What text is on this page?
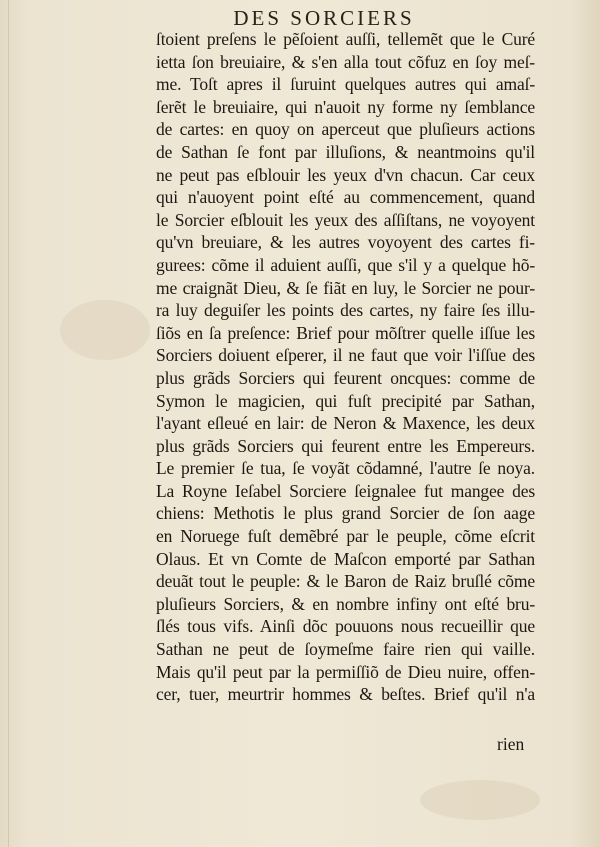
DES SORCIERS
ſtoient preſens le pẽſoient auſſi, tellemẽt que le Curé
ietta ſon breuiaire, & s'en alla tout cõfuz en ſoy meſ-
me. Toſt apres il ſuruint quelques autres qui amaſ-
ſerẽt le breuiaire, qui n'auoit ny forme ny ſemblance
de cartes: en quoy on aperceut que pluſieurs actions
de Sathan ſe font par illuſions, & neantmoins qu'il
ne peut pas eſblouir les yeux d'vn chacun. Car ceux
qui n'auoyent point eſté au commencement, quand
le Sorcier eſblouit les yeux des aſſiſtans, ne voyoyent
qu'vn breuiare, & les autres voyoyent des cartes fi-
gurees: cõme il aduient auſſi, que s'il y a quelque hõ-
me craignãt Dieu, & ſe fiãt en luy, le Sorcier ne pour-
ra luy deguiſer les points des cartes, ny faire ſes illu-
ſiõs en ſa preſence: Brief pour mõſtrer quelle iſſue les
Sorciers doiuent eſperer, il ne faut que voir l'iſſue des
plus grãds Sorciers qui feurent oncques: comme de
Symon le magicien, qui fuſt precipité par Sathan,
l'ayant eſleué en lair: de Neron & Maxence, les deux
plus grãds Sorciers qui feurent entre les Empereurs.
Le premier ſe tua, ſe voyãt cõdamné, l'autre ſe noya.
La Royne Ieſabel Sorciere ſeignalee fut mangee des
chiens: Methotis le plus grand Sorcier de ſon aage
en Noruege fuſt demẽbré par le peuple, cõme eſcrit
Olaus. Et vn Comte de Maſcon emporté par Sathan
deuãt tout le peuple: & le Baron de Raiz bruſlé cõme
pluſieurs Sorciers, & en nombre infiny ont eſté bru-
ſlés tous vifs. Ainſi dõc pouuons nous recueillir que
Sathan ne peut de ſoymeſme faire rien qui vaille.
Mais qu'il peut par la permiſſiõ de Dieu nuire, offen-
cer, tuer, meurtrir hommes & beſtes. Brief qu'il n'a
rien
